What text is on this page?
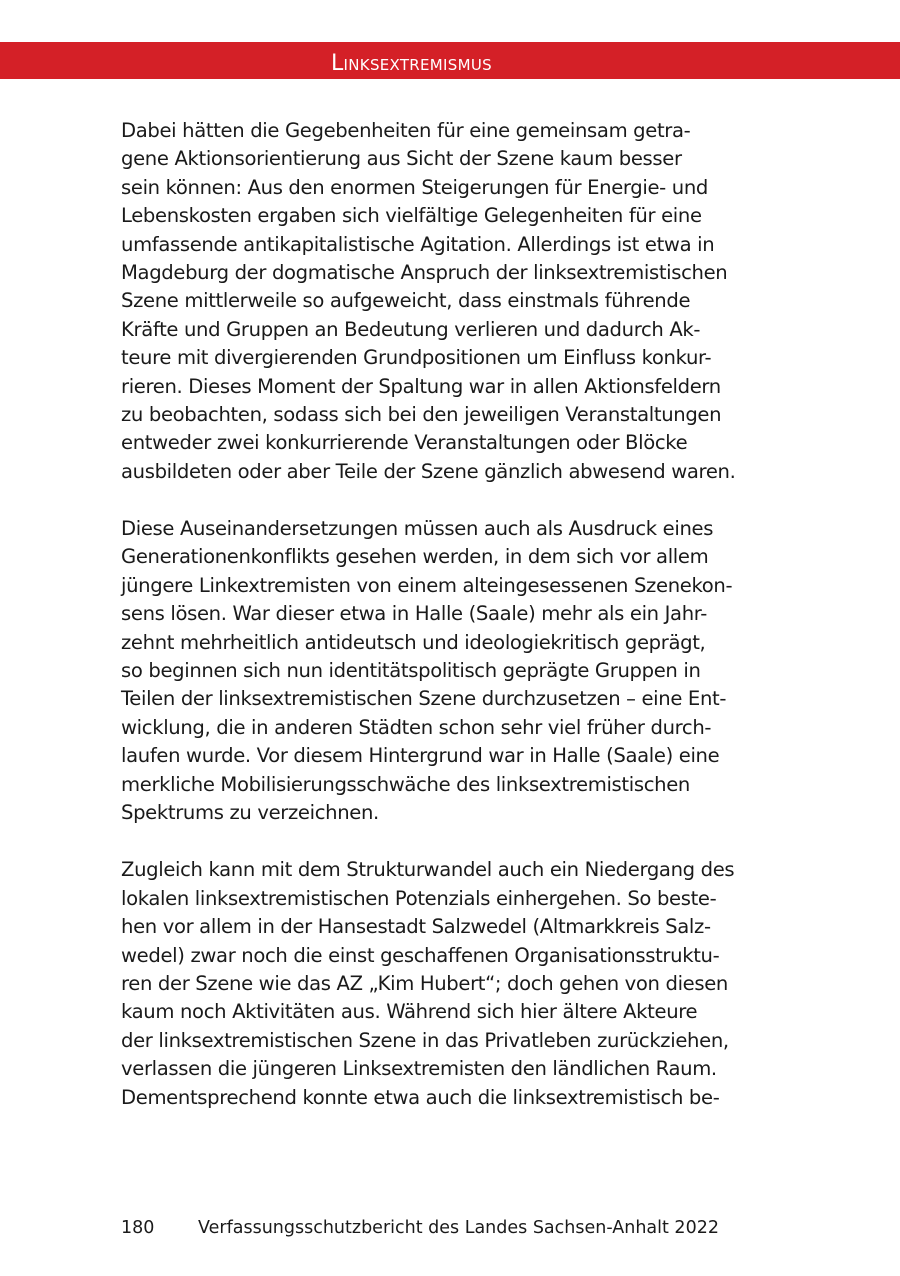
Linksextremismus
Dabei hätten die Gegebenheiten für eine gemeinsam getra-
gene Aktionsorientierung aus Sicht der Szene kaum besser
sein können: Aus den enormen Steigerungen für Energie- und
Lebenskosten ergaben sich vielfältige Gelegenheiten für eine
umfassende antikapitalistische Agitation. Allerdings ist etwa in
Magdeburg der dogmatische Anspruch der linksextremistischen
Szene mittlerweile so aufgeweicht, dass einstmals führende
Kräfte und Gruppen an Bedeutung verlieren und dadurch Ak-
teure mit divergierenden Grundpositionen um Einfluss konkur-
rieren. Dieses Moment der Spaltung war in allen Aktionsfeldern
zu beobachten, sodass sich bei den jeweiligen Veranstaltungen
entweder zwei konkurrierende Veranstaltungen oder Blöcke
ausbildeten oder aber Teile der Szene gänzlich abwesend waren.
Diese Auseinandersetzungen müssen auch als Ausdruck eines
Generationenkonflikts gesehen werden, in dem sich vor allem
jüngere Linkextremisten von einem alteingesessenen Szenekon-
sens lösen. War dieser etwa in Halle (Saale) mehr als ein Jahr-
zehnt mehrheitlich antideutsch und ideologiekritisch geprägt,
so beginnen sich nun identitätspolitisch geprägte Gruppen in
Teilen der linksextremistischen Szene durchzusetzen – eine Ent-
wicklung, die in anderen Städten schon sehr viel früher durch-
laufen wurde. Vor diesem Hintergrund war in Halle (Saale) eine
merkliche Mobilisierungsschwäche des linksextremistischen
Spektrums zu verzeichnen.
Zugleich kann mit dem Strukturwandel auch ein Niedergang des
lokalen linksextremistischen Potenzials einhergehen. So beste-
hen vor allem in der Hansestadt Salzwedel (Altmarkkreis Salz-
wedel) zwar noch die einst geschaffenen Organisationsstruktu-
ren der Szene wie das AZ „Kim Hubert“; doch gehen von diesen
kaum noch Aktivitäten aus. Während sich hier ältere Akteure
der linksextremistischen Szene in das Privatleben zurückziehen,
verlassen die jüngeren Linksextremisten den ländlichen Raum.
Dementsprechend konnte etwa auch die linksextremistisch be-
180 Verfassungsschutzbericht des Landes Sachsen-Anhalt 2022
